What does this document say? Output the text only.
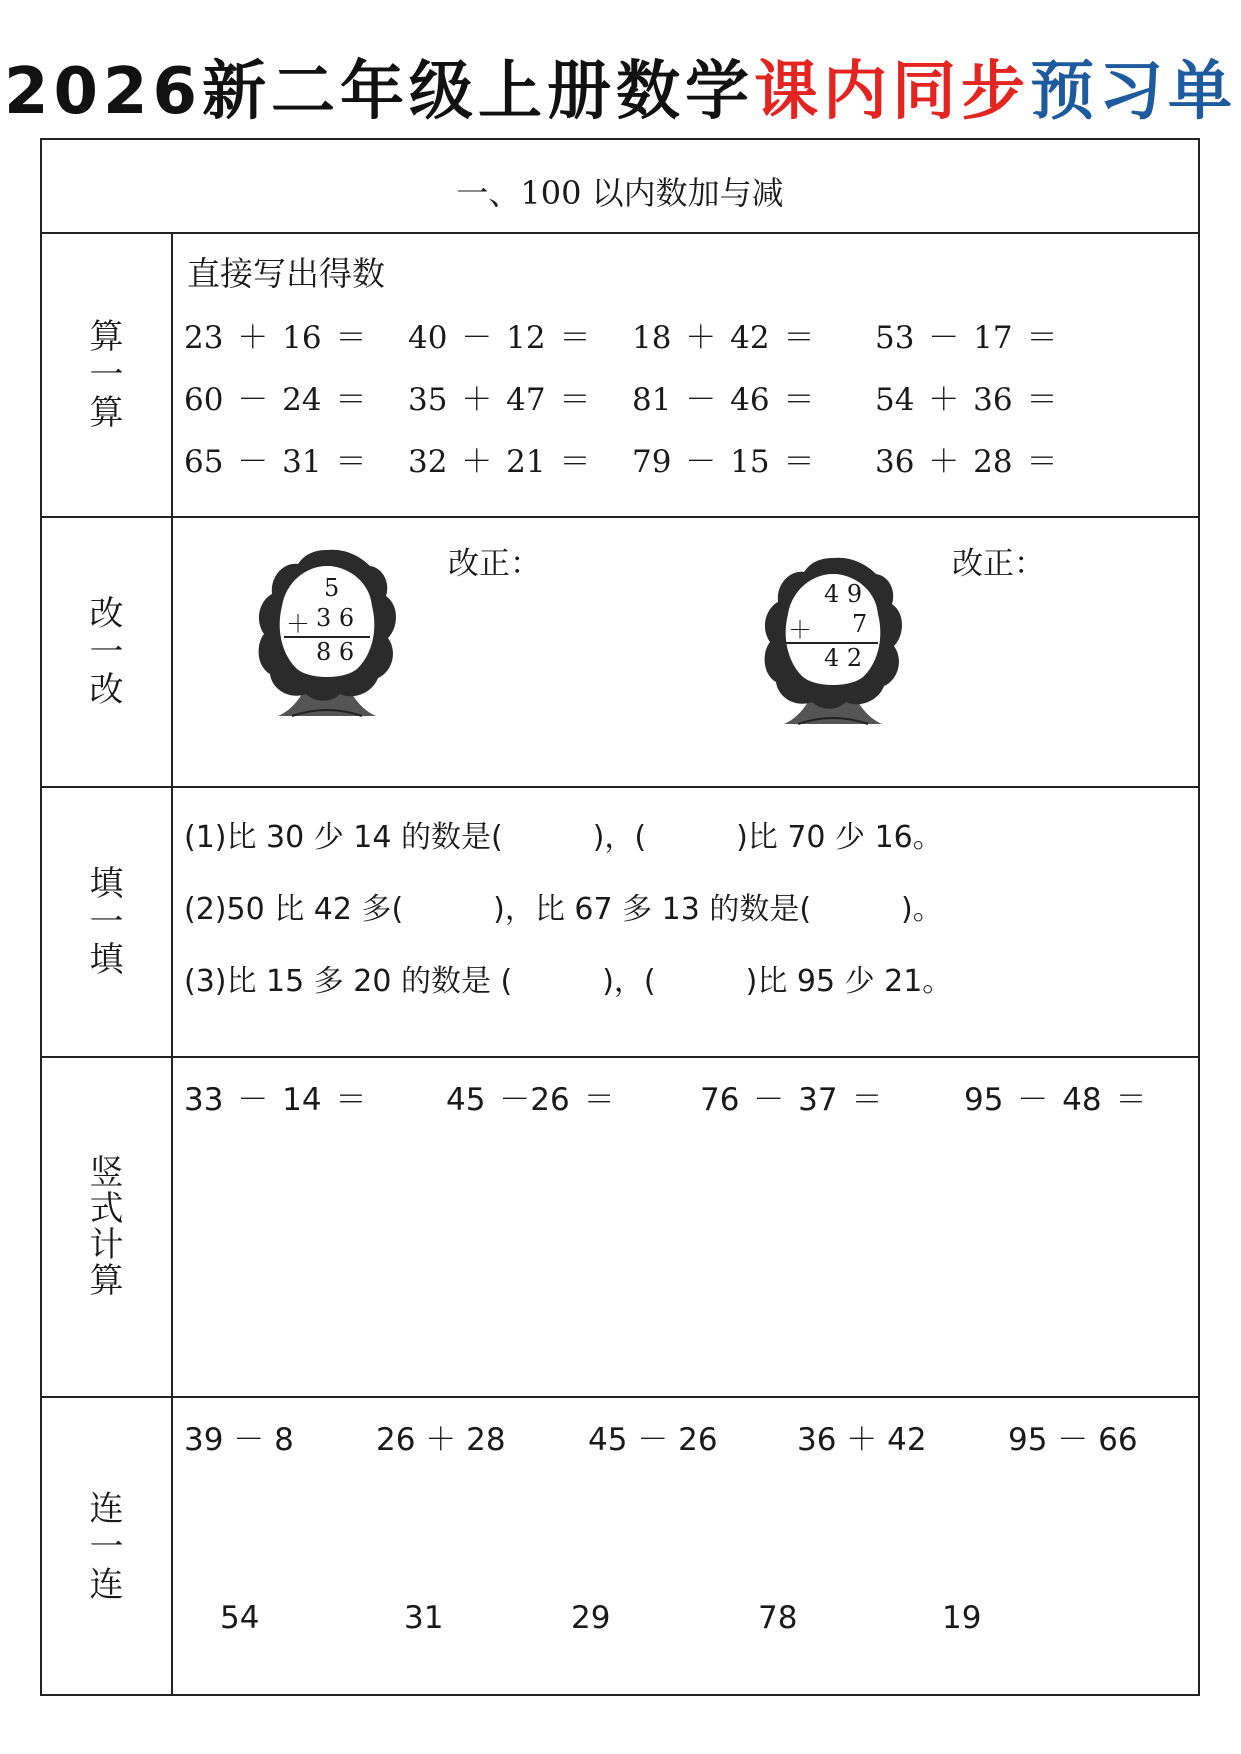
2026新二年级上册数学课内同步预习单
一、100 以内数加与减
算
一
算
直接写出得数
23 ＋ 16 ＝ 40 － 12 ＝ 18 ＋ 42 ＝ 53 － 17 ＝
60 － 24 ＝ 35 ＋ 47 ＝ 81 － 46 ＝ 54 ＋ 36 ＝
65 － 31 ＝ 32 ＋ 21 ＝ 79 － 15 ＝ 36 ＋ 28 ＝
改
一
改
5
＋ 3 6
8 6
改正：
4 9
＋ 7
4 2
改正：
填
一
填
(1)比 30 少 14 的数是(　　　)，(　　　)比 70 少 16。
(2)50 比 42 多(　　　)，比 67 多 13 的数是(　　　)。
(3)比 15 多 20 的数是 (　　　)，(　　　)比 95 少 21。
竖
式
计
算
33 － 14 ＝	45 －26 ＝	76 － 37 ＝	95 － 48 ＝
连
一
连
39 － 8	26 ＋ 28	45 － 26	36 ＋ 42	95 － 66
54	31	29	78	19
